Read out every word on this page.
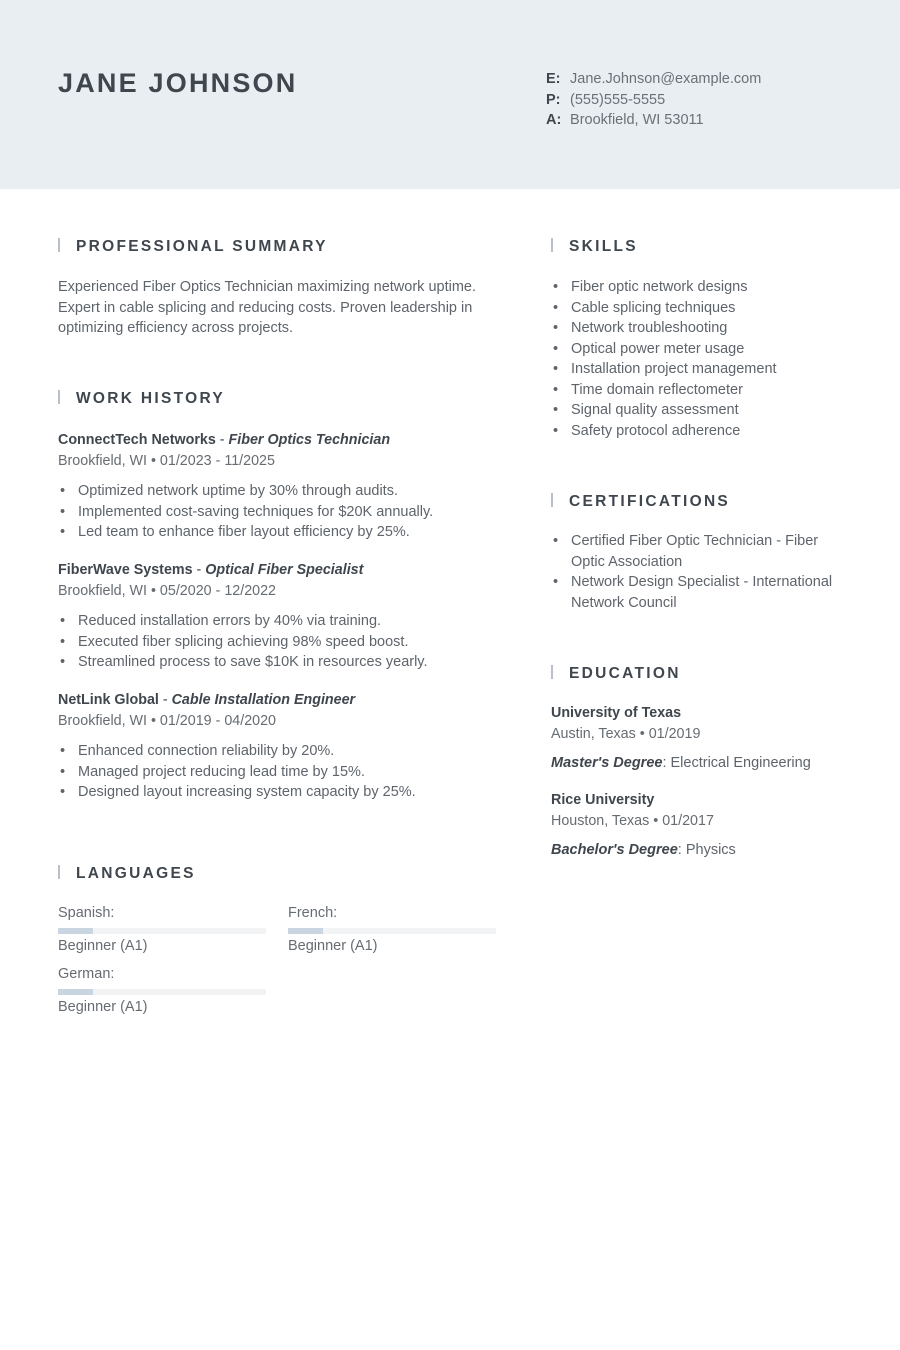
JANE JOHNSON	E: Jane.Johnson@example.com
P: (555)555-5555
A: Brookfield, WI 53011
PROFESSIONAL SUMMARY
Experienced Fiber Optics Technician maximizing network uptime. Expert in cable splicing and reducing costs. Proven leadership in optimizing efficiency across projects.
WORK HISTORY
ConnectTech Networks - Fiber Optics Technician
Brookfield, WI • 01/2023 - 11/2025
• Optimized network uptime by 30% through audits.
• Implemented cost-saving techniques for $20K annually.
• Led team to enhance fiber layout efficiency by 25%.
FiberWave Systems - Optical Fiber Specialist
Brookfield, WI • 05/2020 - 12/2022
• Reduced installation errors by 40% via training.
• Executed fiber splicing achieving 98% speed boost.
• Streamlined process to save $10K in resources yearly.
NetLink Global - Cable Installation Engineer
Brookfield, WI • 01/2019 - 04/2020
• Enhanced connection reliability by 20%.
• Managed project reducing lead time by 15%.
• Designed layout increasing system capacity by 25%.
LANGUAGES
Spanish:
Beginner (A1)
French:
Beginner (A1)
German:
Beginner (A1)
SKILLS
• Fiber optic network designs
• Cable splicing techniques
• Network troubleshooting
• Optical power meter usage
• Installation project management
• Time domain reflectometer
• Signal quality assessment
• Safety protocol adherence
CERTIFICATIONS
• Certified Fiber Optic Technician - Fiber Optic Association
• Network Design Specialist - International Network Council
EDUCATION
University of Texas
Austin, Texas • 01/2019
Master's Degree: Electrical Engineering
Rice University
Houston, Texas • 01/2017
Bachelor's Degree: Physics
